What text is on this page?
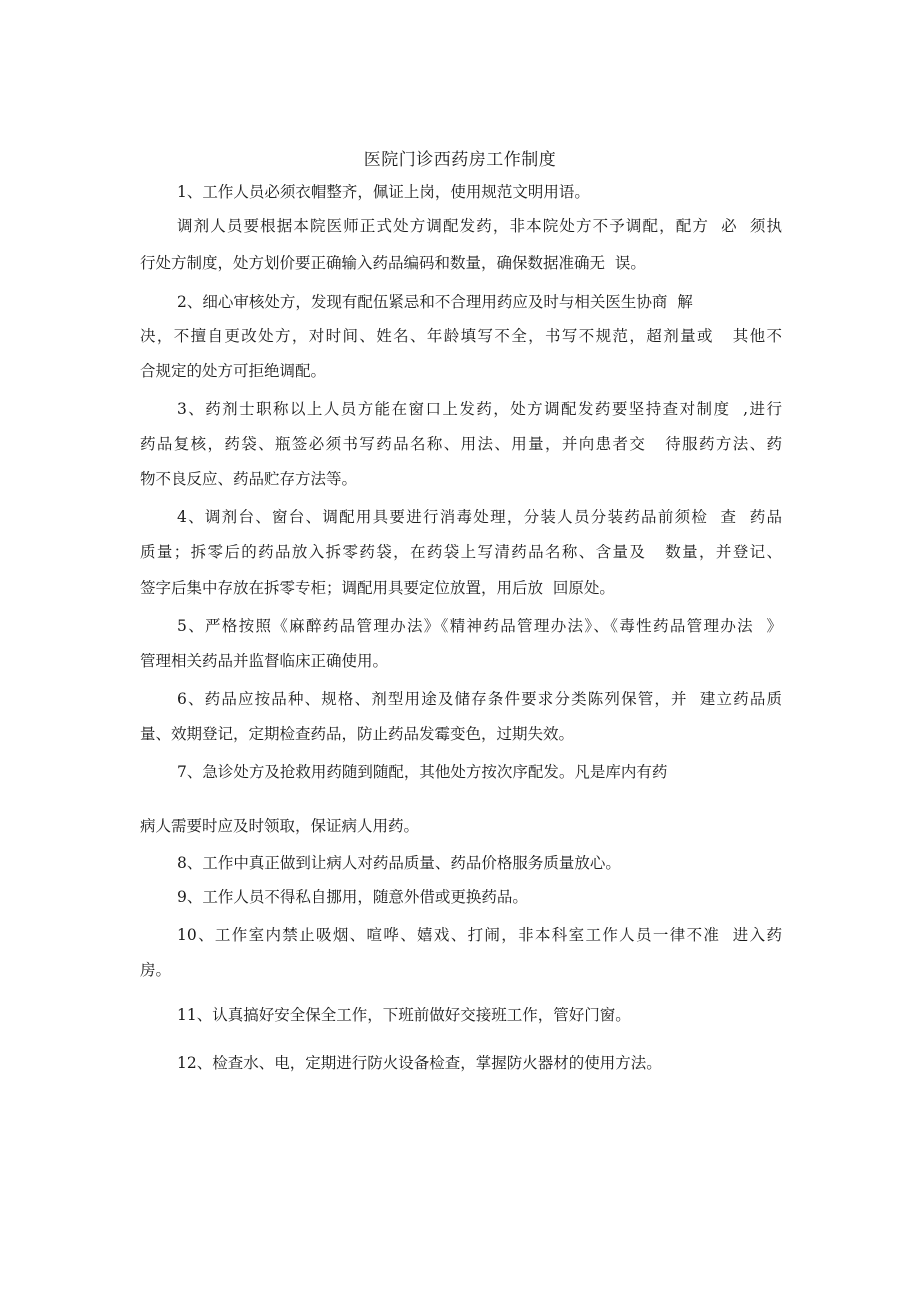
医院门诊西药房工作制度
1、工作人员必须衣帽整齐，佩证上岗，使用规范文明用语。
调剂人员要根据本院医师正式处方调配发药，非本院处方不予调配，配方  必  须执
行处方制度，处方划价要正确输入药品编码和数量，确保数据准确无  误。
2、细心审核处方，发现有配伍紧忌和不合理用药应及时与相关医生协商  解
决，不擅自更改处方，对时间、姓名、年龄填写不全，书写不规范，超剂量或   其他不
合规定的处方可拒绝调配。
3、药剂士职称以上人员方能在窗口上发药，处方调配发药要坚持查对制度  ,进行
药品复核，药袋、瓶签必须书写药品名称、用法、用量，并向患者交   待服药方法、药
物不良反应、药品贮存方法等。
4、调剂台、窗台、调配用具要进行消毒处理，分装人员分装药品前须检  查  药品
质量；拆零后的药品放入拆零药袋，在药袋上写清药品名称、含量及   数量，并登记、
签字后集中存放在拆零专柜；调配用具要定位放置，用后放  回原处。
5、严格按照《麻醉药品管理办法》《精神药品管理办法》、《毒性药品管理办法  》
管理相关药品并监督临床正确使用。
6、药品应按品种、规格、剂型用途及储存条件要求分类陈列保管，并  建立药品质
量、效期登记，定期检查药品，防止药品发霉变色，过期失效。
7、急诊处方及抢救用药随到随配，其他处方按次序配发。凡是库内有药
病人需要时应及时领取，保证病人用药。
8、工作中真正做到让病人对药品质量、药品价格服务质量放心。
9、工作人员不得私自挪用，随意外借或更换药品。
10、工作室内禁止吸烟、喧哗、嬉戏、打闹，非本科室工作人员一律不准  进入药
房。
11、认真搞好安全保全工作，下班前做好交接班工作，管好门窗。
12、检查水、电，定期进行防火设备检查，掌握防火器材的使用方法。
